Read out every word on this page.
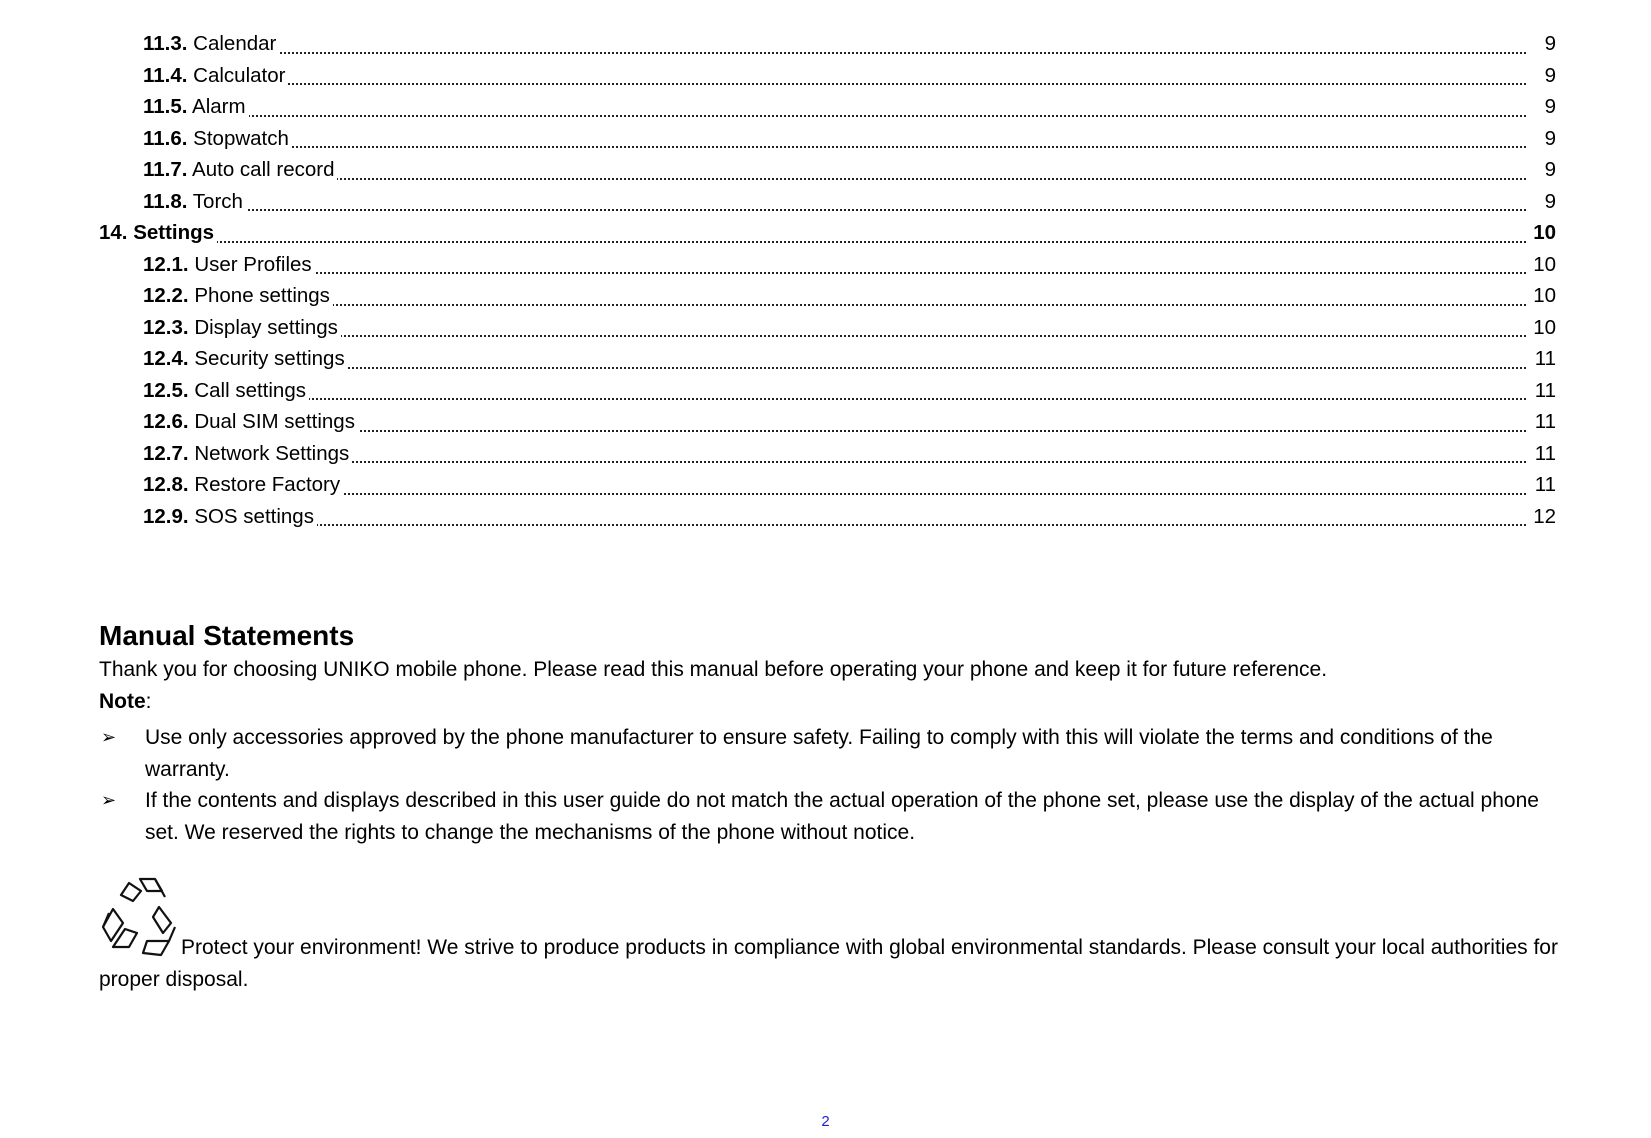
11.3. Calendar	9
11.4. Calculator	9
11.5. Alarm	9
11.6. Stopwatch	9
11.7. Auto call record	9
11.8. Torch	9
14. Settings	10
12.1. User Profiles	10
12.2. Phone settings	10
12.3. Display settings	10
12.4. Security settings	11
12.5. Call settings	11
12.6. Dual SIM settings	11
12.7. Network Settings	11
12.8. Restore Factory	11
12.9. SOS settings	12
Manual Statements
Thank you for choosing UNIKO mobile phone. Please read this manual before operating your phone and keep it for future reference.
Note:
➢ Use only accessories approved by the phone manufacturer to ensure safety. Failing to comply with this will violate the terms and conditions of the warranty.
➢ If the contents and displays described in this user guide do not match the actual operation of the phone set, please use the display of the actual phone set. We reserved the rights to change the mechanisms of the phone without notice.
Protect your environment! We strive to produce products in compliance with global environmental standards. Please consult your local authorities for proper disposal.
2
